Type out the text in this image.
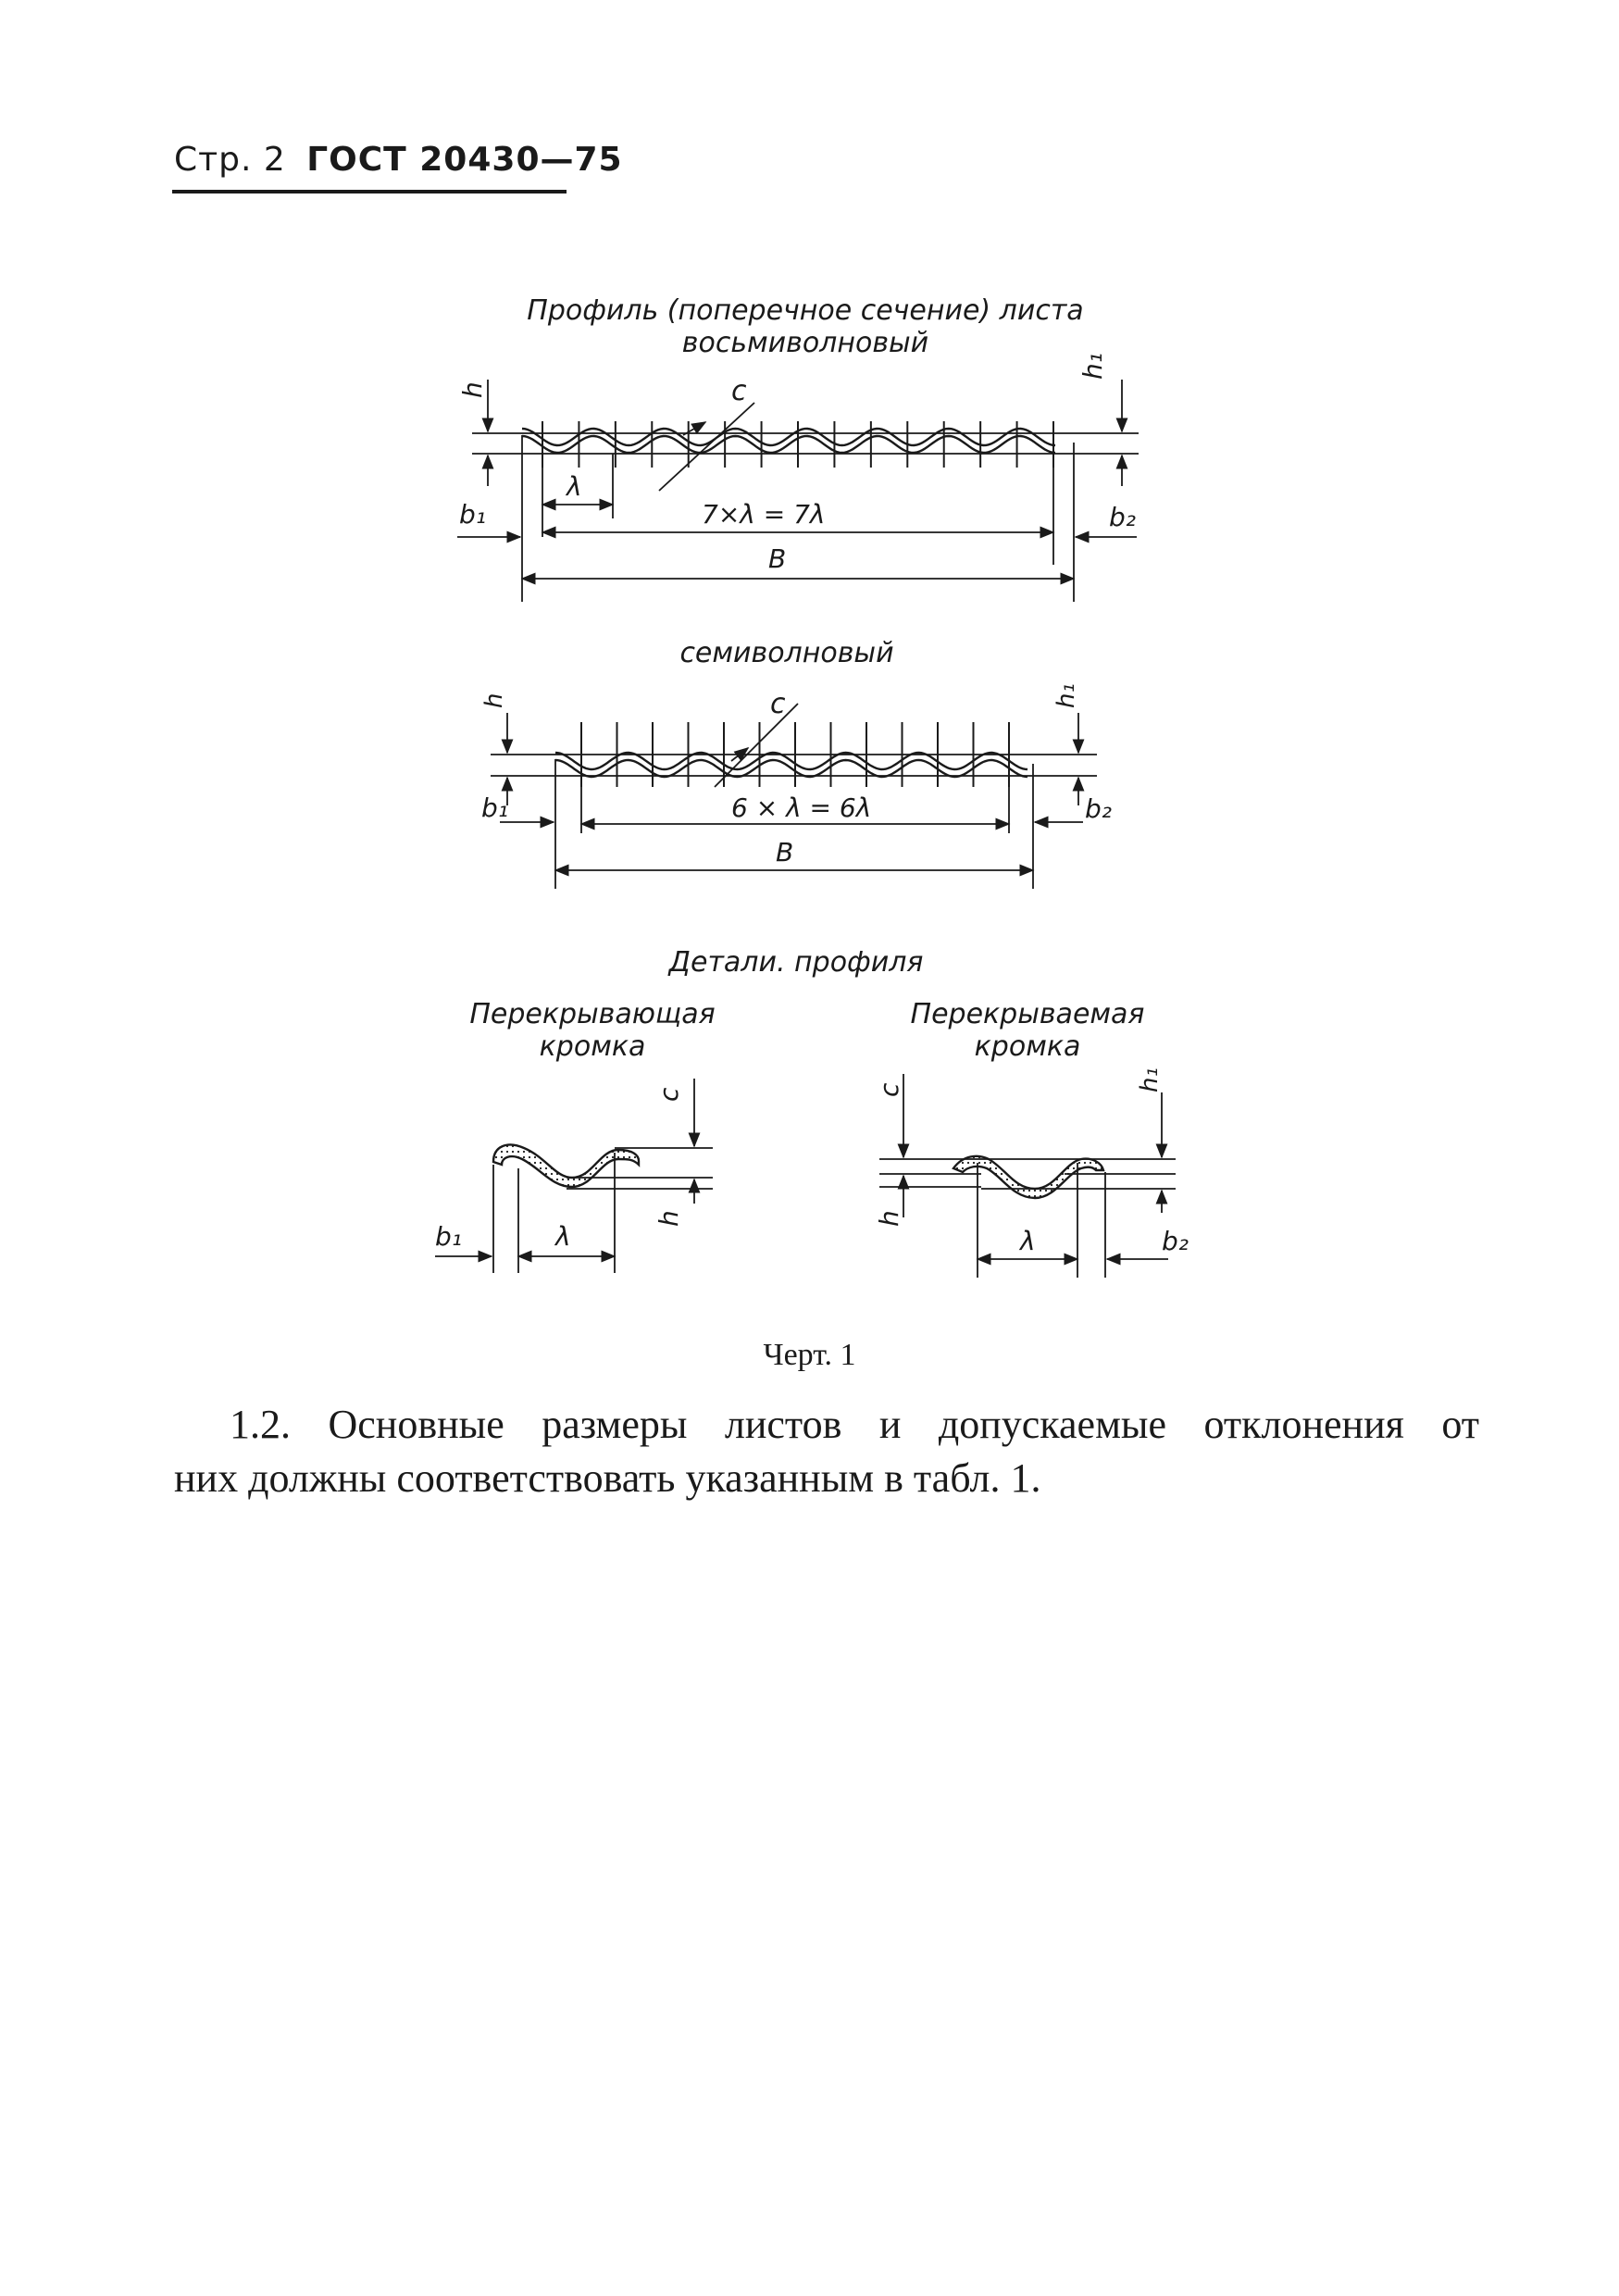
Стр. 2 ГОСТ 20430—75
Профиль (поперечное сечение) листа
восьмиволновый
семиволновый
Детали. профиля
Перекрывающая
кромка
Перекрываемая
кромка
h
h₁
c
λ
7×λ = 7λ
b₁	b₂
B
h	h₁
c
6 × λ = 6λ
b₁	b₂
B
c
h
b₁	λ
c
h
h₁
λ	b₂
Черт. 1
1.2. Основные размеры листов и допускаемые отклонения от
них должны соответствовать указанным в табл. 1.
